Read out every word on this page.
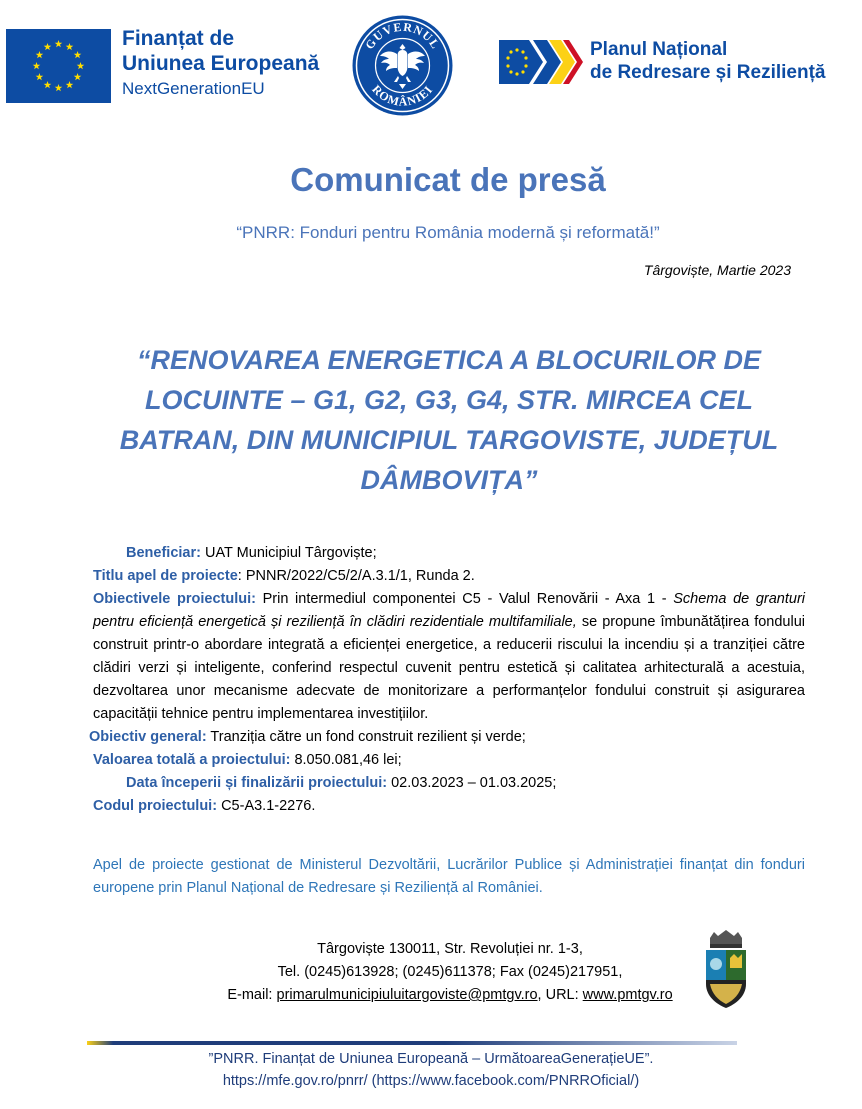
Finanțat de
Uniunea Europeană
NextGenerationEU
GUVERNUL
ROMÂNIEI
Planul Național
de Redresare și Reziliență
Comunicat de presă
“PNRR: Fonduri pentru România modernă și reformată!”
Târgoviște, Martie 2023
“RENOVAREA ENERGETICA A BLOCURILOR DE LOCUINTE – G1, G2, G3, G4, STR. MIRCEA CEL BATRAN, DIN MUNICIPIUL TARGOVISTE, JUDEȚUL DÂMBOVIȚA”
Beneficiar: UAT Municipiul Târgoviște;
Titlu apel de proiecte: PNNR/2022/C5/2/A.3.1/1, Runda 2.
Obiectivele proiectului: Prin intermediul componentei C5 - Valul Renovării - Axa 1 - Schema de granturi pentru eficiență energetică și reziliență în clădiri rezidentiale multifamiliale, se propune îmbunătățirea fondului construit printr-o abordare integrată a eficienței energetice, a reducerii riscului la incendiu și a tranziției către clădiri verzi și inteligente, conferind respectul cuvenit pentru estetică și calitatea arhitecturală a acestuia, dezvoltarea unor mecanisme adecvate de monitorizare a performanțelor fondului construit și asigurarea capacității tehnice pentru implementarea investițiilor.
Obiectiv general: Tranziția către un fond construit rezilient și verde;
Valoarea totală a proiectului: 8.050.081,46 lei;
Data începerii și finalizării proiectului: 02.03.2023 – 01.03.2025;
Codul proiectului: C5-A3.1-2276.
Apel de proiecte gestionat de Ministerul Dezvoltării, Lucrărilor Publice și Administrației finanțat din fonduri europene prin Planul Național de Redresare și Reziliență al României.
Târgoviște 130011, Str. Revoluției nr. 1-3,
Tel. (0245)613928; (0245)611378; Fax (0245)217951,
E-mail: primarulmunicipiuluitargoviste@pmtgv.ro, URL: www.pmtgv.ro
”PNRR. Finanțat de Uniunea Europeană – UrmătoareaGenerațieUE”.
https://mfe.gov.ro/pnrr/ (https://www.facebook.com/PNRROficial/)
